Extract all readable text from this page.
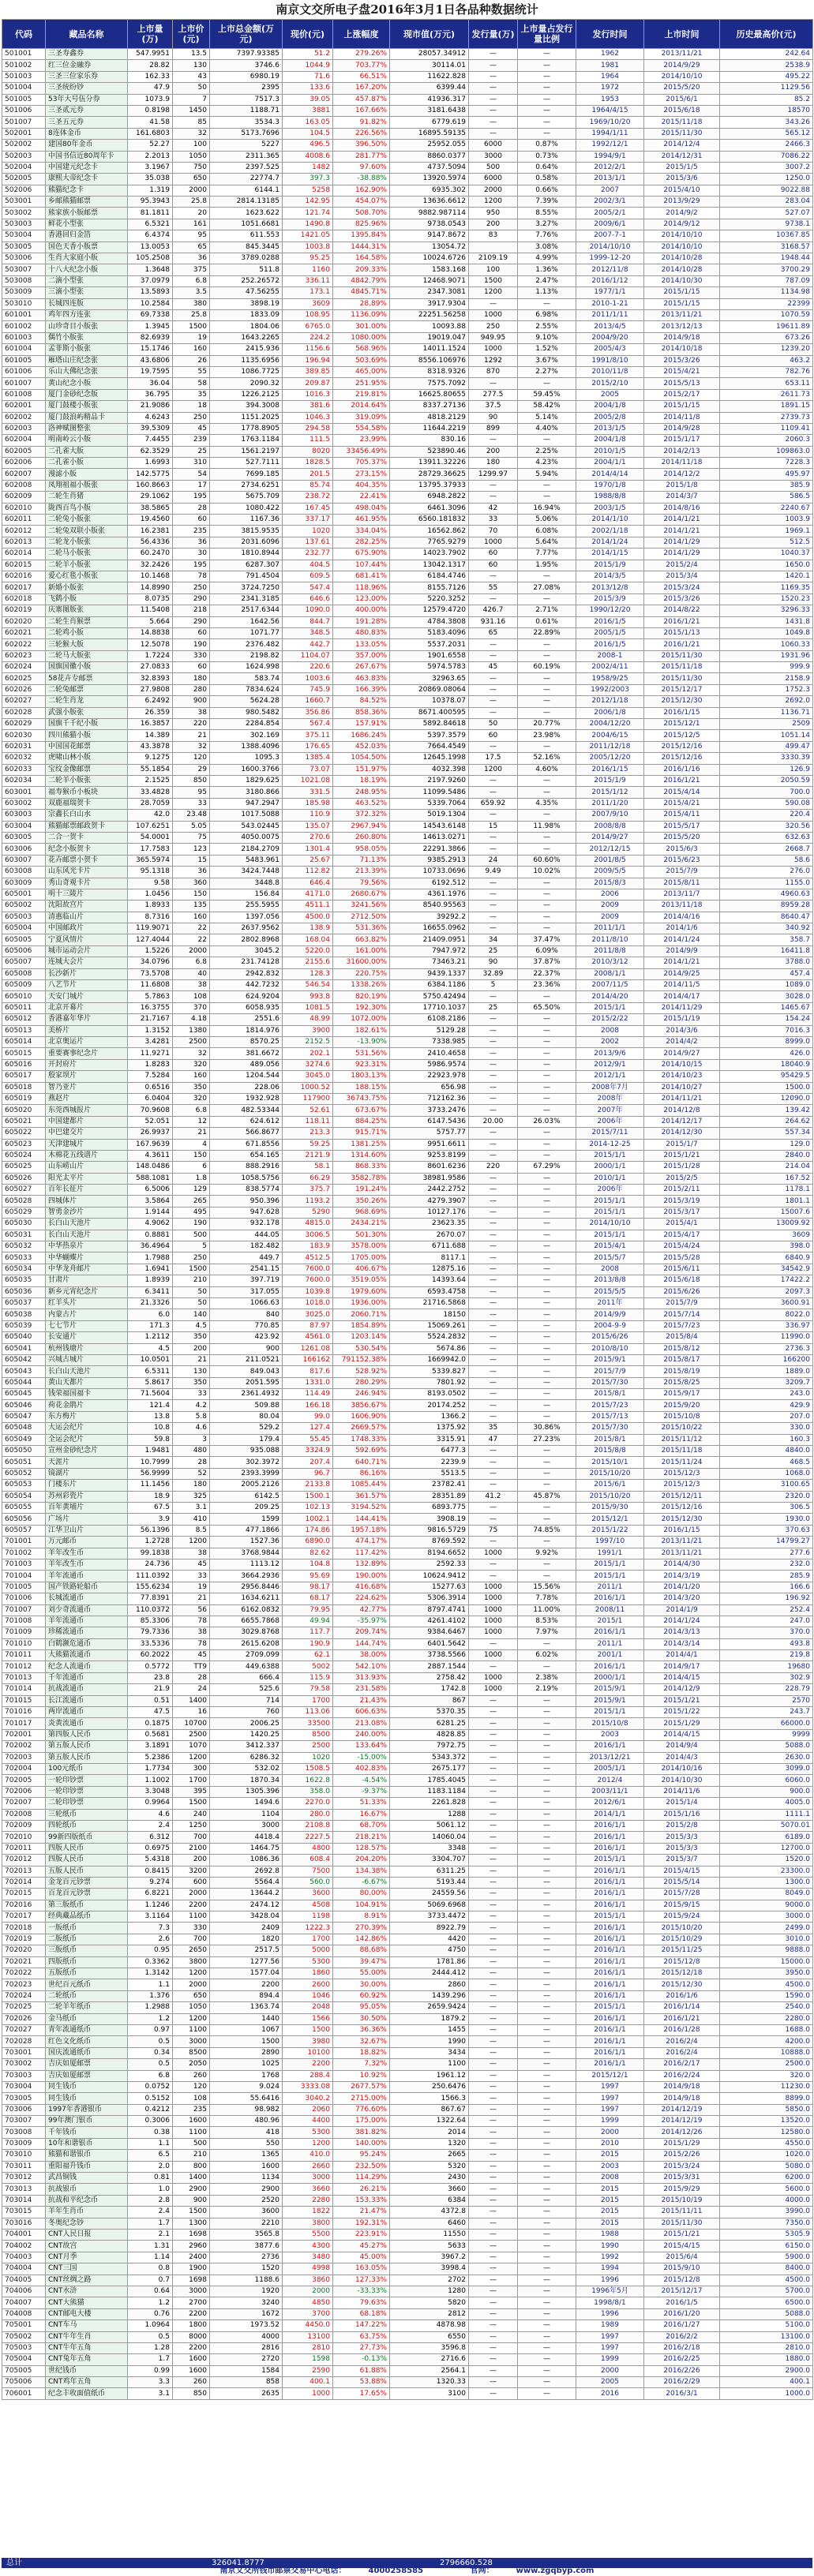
南京文交所电子盘2016年3月1日各品种数据统计
代码	藏品名称	上市量(万)	上市价(元)	上市总金额(万元)	现价(元)	上涨幅度	现市值(万元)	发行量(万)	上市量占发行量比例	发行时间	上市时间	历史最高价(元)
501001	三圣寿鑫券	547.9951	13.5	7397.93385	51.2	279.26%	28057.34912	—	—	1962	2013/11/21	242.64
501002	红三位金融券	28.82	130	3746.6	1044.9	703.77%	30114.01	—	—	1981	2014/9/29	2538.9
501003	三圣三位家乐券	162.33	43	6980.19	71.6	66.51%	11622.828	—	—	1964	2014/10/10	495.22
501004	三圣统纷钞	47.9	50	2395	133.6	167.20%	6399.44	—	—	1972	2015/5/20	1129.56
501005	53年大号伍分券	1073.9	7	7517.3	39.05	457.87%	41936.317	—	—	1953	2015/6/1	85.2
501006	三圣贰元券	0.8198	1450	1188.71	3881	167.66%	3181.6438	—	—	1964/4/15	2015/6/18	18570
501007	三圣五元券	41.58	85	3534.3	163.05	91.82%	6779.619	—	—	1969/10/20	2015/11/18	343.26
502001	8连体金币	161.6803	32	5173.7696	104.5	226.56%	16895.59135	—	—	1994/1/11	2015/11/30	565.12
502002	建国80年金币	52.27	100	5227	496.5	396.50%	25952.055	6000	0.87%	1992/12/1	2014/12/4	2466.3
502003	中国书信近80周年卡	2.2013	1050	2311.365	4008.6	281.77%	8860.0377	3000	0.73%	1994/9/1	2014/12/31	7086.22
502004	中国建元纪念卡	3.1967	750	2397.525	1482	97.60%	4737.5094	500	0.64%	2012/2/1	2015/1/5	3007.2
502005	康熙大帝纪念卡	35.038	650	22774.7	397.3	-38.88%	13920.5974	6000	0.58%	2013/1/1	2015/3/6	1250.0
502006	熊猫纪念卡	1.319	2000	6144.1	5258	162.90%	6935.302	2000	0.66%	2007	2015/4/10	9022.88
503001	乡邮熊猫邮票	95.3943	25.8	2814.13185	142.95	454.07%	13636.6612	1200	7.39%	2002/3/1	2013/9/29	283.04
503002	熊家族小版邮票	81.1811	20	1623.622	121.74	508.70%	9882.987114	950	8.55%	2005/2/1	2014/9/2	527.07
503003	鲜花小型张	6.5321	161	1051.6681	1490.8	825.96%	9738.0543	200	3.27%	2009/6/1	2014/9/12	9738.1
503004	香港回归金箔	6.4374	95	611.553	1421.05	1395.84%	9147.8672	83	7.76%	2007-7-1	2014/10/10	10367.85
503005	国色天香小版票	13.0053	65	845.3445	1003.8	1444.31%	13054.72		3.08%	2014/10/10	2014/10/10	3168.57
503006	生肖大家庭小版	105.2508	36	3789.0288	95.25	164.58%	10024.6726	2109.19	4.99%	1999-12-20	2014/10/28	1948.44
503007	十八大纪念小版	1.3648	375	511.8	1160	209.33%	1583.168	100	1.36%	2012/11/8	2014/10/28	3700.29
503008	二滴小型张	37.0979	6.8	252.26572	336.11	4842.79%	12468.9071	1500	2.47%	2016/1/12	2014/10/30	787.09
503009	三滴小型张	13.5893	3.5	47.56255	173.1	4845.71%	2347.3081	1200	1.13%	1977/1/1	2015/1/15	1134.98
503010	长城四连版	10.2584	380	3898.19	3609	28.89%	3917.9304	—	—	2010-1-21	2015/1/15	22399
601001	鸡年四方连张	69.7338	25.8	1833.09	108.95	1136.09%	22251.56258	1000	6.98%	2011/1/11	2013/11/21	1070.59
601002	山珍奇目小版张	1.3945	1500	1804.06	6765.0	301.00%	10093.88	250	2.55%	2013/4/5	2013/12/13	19611.89
601003	偶竹小版张	82.6939	19	1643.2265	224.2	1080.00%	19019.047	949.95	9.10%	2004/9/20	2014/9/18	673.26
601004	孟菲斯小版张	15.1746	160	2415.936	1156.6	568.96%	14011.1524	1000	1.52%	2005/4/3	2014/10/18	1239.20
601005	雁塔山庄纪念张	43.6806	26	1135.6956	196.94	503.69%	8556.106976	1292	3.67%	1991/8/10	2015/3/26	463.2
601006	乐山大佛纪念张	19.7595	55	1086.7725	389.85	465.00%	8318.9326	870	2.27%	2010/11/8	2015/4/21	782.76
601007	黄山纪念小版	36.04	58	2090.32	209.87	251.95%	7575.7092	—	—	2015/2/10	2015/5/13	653.11
601008	厦门金砂纪念版	36.795	35	1226.2125	1016.3	219.81%	16625.80655	277.5	59.45%	2005	2015/2/17	2611.73
602001	厦门鼓楼小版张	21.9086	18	394.3008	381.6	2014.64%	8337.27136	37.5	58.42%	2004/1/8	2015/1/15	1891.15
602002	厦门鼓浪屿精品卡	4.6243	250	1151.2025	1046.3	319.09%	4818.2129	90	5.14%	2005/2/8	2014/11/8	2739.73
602003	洛神赋图整张	39.5309	45	1778.8905	294.58	554.58%	11644.2219	899	4.40%	2013/1/5	2014/9/28	1109.41
602004	明南岭云小版	7.4455	239	1763.1184	111.5	23.99%	830.16	—	—	2004/1/8	2015/1/17	2060.3
602005	二孔雀大版	62.3529	25	1561.2197	8020	33456.49%	523890.46	200	2.25%	2010/1/5	2014/2/13	109863.0
602006	二孔雀小版	1.6993	310	527.7111	1828.5	705.37%	13911.32226	180	4.23%	2004/1/1	2014/11/18	7228.3
602007	漫滤小版	142.5775	54	7699.185	201.5	273.15%	28729.36625	1299.97	5.94%	2014/4/14	2014/12/2	495.97
602008	凤翔祖福小版张	160.8663	17	2734.6251	85.74	404.35%	13795.37933	—	—	1970/1/8	2015/1/8	385.9
602009	二轮生肖猪	29.1062	195	5675.709	238.72	22.41%	6948.2822	—	—	1988/8/8	2014/3/7	586.5
602010	陇西百鸟小版	38.5865	28	1080.422	167.45	498.04%	6461.3096	42	16.94%	2003/1/5	2014/8/16	2240.67
602011	二轮兔小版张	19.4560	60	1167.36	337.17	461.95%	6560.181832	33	5.06%	2014/1/10	2014/1/21	1003.9
602012	二轮兔双联小版张	16.2381	235	3815.9535	1020	334.04%	16562.862	70	6.08%	2002/1/18	2014/1/21	1969.1
602013	二轮龙小版张	56.4336	36	2031.6096	137.61	282.25%	7765.9279	1000	5.64%	2014/1/24	2014/1/29	512.5
602014	二轮马小版张	60.2470	30	1810.8944	232.77	675.90%	14023.7902	60	7.77%	2014/1/15	2014/1/29	1040.37
602015	二轮羊小版张	32.2426	195	6287.307	404.5	107.44%	13042.1317	60	1.95%	2015/1/9	2015/2/4	1650.0
602016	爱心红毯小版张	10.1468	78	791.4504	609.5	681.41%	6184.4746	—	—	2014/3/5	2015/3/4	1420.1
602017	新婚小版张	14.8990	250	3724.7250	547.4	118.96%	8155.7126	55	27.08%	2013/12/8	2015/3/24	1169.35
602018	飞鹤小版	8.0735	290	2341.3185	646.6	123.00%	5220.3252	—	—	2015/3/9	2015/3/26	1520.23
602019	庆寨图版张	11.5408	218	2517.6344	1090.0	400.00%	12579.4720	426.7	2.71%	1990/12/20	2014/8/22	3296.33
602020	二轮生肖猴票	5.664	290	1642.56	844.7	191.28%	4784.3808	931.16	0.61%	2016/1/5	2016/1/21	1431.8
602021	二轮鸡小版	14.8838	60	1071.77	348.5	480.83%	5183.4096	65	22.89%	2005/1/5	2015/1/13	1049.8
602022	三轮猴大版	12.5078	190	2376.482	442.7	133.05%	5537.2031	—	—	2016/1/5	2016/1/21	1060.33
602023	二轮马大版张	1.7224	330	2198.82	1104.07	357.00%	1901.6558	—	—	2008-1	2015/11/30	1931.96
602024	国旗国徽小版	27.0833	60	1624.998	220.6	267.67%	5974.5783	45	60.19%	2002/4/11	2015/11/18	999.9
602025	58花卉专邮票	32.8393	180	583.74	1003.6	463.83%	32963.65	—	—	1958/9/25	2015/11/30	2158.9
602026	二轮兔邮票	27.9808	280	7834.624	745.9	166.39%	20869.08064	—	—	1992/2003	2015/12/17	1752.3
602027	二轮生肖龙	6.2492	900	5624.28	1660.7	84.52%	10378.07	—	—	2012/1/18	2015/12/30	2692.0
602028	武强小版张	26.359	38	980.5482	356.86	858.36%	8671.400595	—	—	2006/1/8	2016/1/15	1136.71
602029	国旗千千纪小版	16.3857	220	2284.854	567.4	157.91%	5892.84618	50	20.77%	2004/12/20	2015/12/1	2509
602030	四川熊猫小版	14.389	21	302.169	375.11	1686.24%	5397.3579	60	23.98%	2004/6/15	2015/12/5	1051.14
602031	中国国花邮票	43.3878	32	1388.4096	176.65	452.03%	7664.4549	—	—	2011/12/18	2015/12/16	499.47
602032	虎啸山林小版	9.1275	120	1095.3	1385.4	1054.50%	12645.1998	17.5	52.16%	2005/12/20	2015/12/16	3330.39
602033	宝纹金像邮票	55.1854	29	1600.3766	73.07	151.97%	4032.398	1200	4.60%	2016/1/15	2016/1/16	126.9
602034	二轮羊小版张	2.1525	850	1829.625	1021.08	18.19%	2197.9260	—	—	2015/1/9	2016/1/21	2050.59
603001	福寿猴币小板块	33.4828	95	3180.866	331.5	248.95%	11099.5486	—	—	2015/1/12	2015/4/14	700.0
603002	双鹿福瑞贺卡	28.7059	33	947.2947	185.98	463.52%	5339.7064	659.92	4.35%	2011/1/20	2015/4/21	590.08
603003	宗鑫长白山水	42.0	23.48	1017.5088	110.9	372.32%	5019.1304	—	—	2007/9/10	2015/4/11	220.4
603004	熊猫邮票邮政贺卡	107.6251	5.05	543.02445	135.07	2967.94%	14543.6148	15	11.98%	2008/8/8	2015/5/17	320.56
603005	二合一贺卡	54.0001	75	4050.0075	270.6	260.80%	14613.0271	—	—	2014/9/27	2015/5/20	632.63
603006	纪念小版贺卡	17.7583	123	2184.2709	1301.4	958.05%	22291.3866	—	—	2012/12/15	2015/6/3	2668.7
603007	花卉邮票小贺卡	365.5974	15	5483.961	25.67	71.13%	9385.2913	24	60.60%	2001/8/5	2015/6/23	58.6
603008	山东风光卡片	95.1318	36	3424.7448	112.82	213.39%	10733.0696	9.49	10.02%	2009/5/5	2015/7/9	276.0
603009	秀山奇观卡片	9.58	360	3448.8	646.4	79.56%	6192.512	—	—	2015/8/3	2015/8/11	1155.0
605001	明十三陵片	1.0456	150	156.84	4171.0	2680.67%	4361.1976	—	—	2006	2013/11/7	4960.63
605002	沈阳故宫片	1.8933	135	255.5955	4511.1	3241.56%	8540.95563	—	—	2009	2013/11/18	8959.28
605003	清惠临山片	8.7316	160	1397.056	4500.0	2712.50%	39292.2	—	—	2009	2014/4/16	8640.47
605004	中国邮政片	119.9071	22	2637.9562	138.9	531.36%	16655.0962	—	—	2011/1/1	2014/1/6	340.92
605005	宁夏风情片	127.4044	22	2802.8968	168.04	663.82%	21409.0951	34	37.47%	2011/8/10	2014/1/24	358.7
605006	城市运动会片	1.5226	2000	3045.2	5220.0	161.00%	7947.972	25	6.09%	2011/8/8	2014/9/9	16411.8
605007	连城大会片	34.0796	6.8	231.74128	2155.6	31600.00%	73463.21	90	37.87%	2010/3/12	2014/1/21	3788.0
605008	长沙新片	73.5708	40	2942.832	128.3	220.75%	9439.1337	32.89	22.37%	2008/1/1	2014/9/25	457.4
605009	八艺节片	11.6808	38	442.7232	546.54	1338.26%	6384.1186	5	23.36%	2007/11/5	2014/11/5	1089.0
605010	天安门城片	5.7863	108	624.9204	993.8	820.19%	5750.42494	—	—	2014/4/20	2014/4/17	3028.0
605011	北京开幕片	16.3755	370	6058.935	1081.5	192.30%	17710.1037	25	65.50%	2015/1/1	2014/11/29	1465.67
605012	香港嘉年华片	21.7167	4.18	2551.6	48.99	1072.00%	6108.2186	—	—	2015/2/22	2015/1/19	154.24
605013	美桥片	1.3152	1380	1814.976	3900	182.61%	5129.28	—	—	2008	2014/3/6	7016.3
605014	北京奥运片	3.4281	2500	8570.25	2152.5	-13.90%	7338.985	—	—	2002	2014/4/2	8999.0
605015	重要赛事纪念片	11.9271	32	381.6672	202.1	531.56%	2410.4658	—	—	2013/9/6	2014/9/27	426.0
605016	开封府片	1.8283	320	489.056	3274.6	923.31%	5986.9574	—	—	2012/9/1	2014/10/15	18040.9
605017	殷家坝片	7.5284	160	1204.544	3045.0	1803.13%	22923.978	—	—	2012/1/1	2014/10/23	95429.5
605018	智乃亚片	0.6516	350	228.06	1000.52	188.15%	656.98	—	—	2008年7月	2014/10/27	1500.0
605019	燕赵片	6.0404	320	1932.928	117900	36743.75%	712162.36	—	—	2008年	2014/11/21	12090.0
605020	东莞西城报片	70.9608	6.8	482.53344	52.61	673.67%	3733.2476	—	—	2007年	2014/12/8	139.42
605021	中国建都片	52.051	12	624.612	118.11	884.25%	6147.5436	20.00	26.03%	2006年	2014/12/17	264.62
605022	中巴建交片	26.9937	21	566.8677	213.3	915.71%	5757.77	—	—	2015/7/11	2014/12/30	557.34
605023	天津建城片	167.9639	4	671.8556	59.25	1381.25%	9951.6611	—	—	2014-12-25	2015/1/7	129.0
605024	木棉花五线谱片	4.3611	150	654.165	2121.9	1314.60%	9253.8199	—	—	2015/1/1	2015/1/21	2840.0
605025	山东崂山片	148.0486	6	888.2916	58.1	868.33%	8601.6236	220	67.29%	2000/1/1	2015/1/28	214.04
605026	阳光太平片	588.1081	1.8	1058.5756	66.29	3582.78%	38981.9586	—	—	2010/1/1	2015/2/5	167.52
605027	百年长征片	6.5006	129	838.5774	375.7	191.24%	2442.2752	—	—	2006年	2015/2/11	1178.1
605028	四城体片	3.5864	265	950.396	1193.2	350.26%	4279.3907	—	—	2015/1/1	2015/3/19	1801.1
605029	智勇金沙片	1.9144	495	947.628	5290	968.69%	10127.176	—	—	2015/1/1	2015/3/17	15007.6
605030	长白山天池片	4.9062	190	932.178	4815.0	2434.21%	23623.35	—	—	2014/10/10	2015/4/1	13009.92
605031	长白山天池片	0.8881	500	444.05	3006.5	501.30%	2670.07	—	—	2015/1/1	2015/4/17	3609
605032	中华热泉片	36.4964	5	182.482	183.9	3578.00%	6711.688	—	—	2015/4/1	2015/4/24	398.0
605033	中华蝴蝶片	1.7988	250	449.7	4512.5	1705.00%	8117.1	—	—	2015/5/7	2015/5/28	6840.9
605034	中华龙舟邮片	1.6941	1500	2541.15	7600.0	406.67%	12875.16	—	—	2008	2015/6/11	34542.9
605035	甘肃片	1.8939	210	397.719	7600.0	3519.05%	14393.64	—	—	2013/8/8	2015/6/18	17422.2
605036	新乡元宵纪念片	6.3411	50	317.055	1039.8	1979.60%	6593.4758	—	—	2015/5/5	2015/6/26	2097.3
605037	红羊头片	21.3326	50	1066.63	1018.0	1936.00%	21716.5868	—	—	2011年	2015/7/9	3600.91
605038	内蒙古片	6.0	140	840	3025.0	2060.71%	18150	—	—	2014/9/9	2015/7/14	8022.0
605039	七七节片	171.3	4.5	770.85	87.97	1854.89%	15069.261	—	—	2004-9-9	2015/7/23	336.97
605040	长安通片	1.2112	350	423.92	4561.0	1203.14%	5524.2832	—	—	2015/6/26	2015/8/4	11990.0
605041	杭州钱塘片	4.5	200	900	1261.08	530.54%	5674.86	—	—	2010/8/10	2015/8/12	2736.3
605042	兴城古城片	10.0501	21	211.0521	166162	791152.38%	1669942.0	—	—	2015/9/1	2015/8/17	166200
605043	长白山天池片	6.5311	130	849.043	817.6	528.92%	5339.827	—	—	2015/7/9	2015/8/19	1889.0
605044	黄山天都片	5.8617	350	2051.595	1331.0	280.29%	7801.92	—	—	2015/7/30	2015/8/25	3209.7
605045	钱荣福国福卡	71.5604	33	2361.4932	114.49	246.94%	8193.0502	—	—	2015/8/1	2015/9/17	243.0
605046	荷花金鹃片	121.4	4.2	509.88	166.18	3856.67%	20174.252	—	—	2015/7/23	2015/9/20	429.9
605047	东方梅片	13.8	5.8	80.04	99.0	1606.90%	1366.2	—	—	2015/7/13	2015/10/8	207.0
605048	大运会纪片	10.8	4.6	529.2	127.4	2669.57%	1375.92	35	30.86%	2015/7/30	2015/10/22	330.0
605049	全运会纪片	59.8	3	179.4	55.45	1748.33%	3315.91	47	27.23%	2015/8/1	2015/11/12	160.3
605050	宣州金砂纪念片	1.9481	480	935.088	3324.9	592.69%	6477.3	—	—	2015/8/8	2015/11/18	4840.0
605051	天涯片	10.7999	28	302.3972	207.4	640.71%	2239.9	—	—	2015/10/1	2015/11/24	468.5
605052	镜湖片	56.9999	52	2393.3999	96.7	86.16%	5513.5	—	—	2015/10/20	2015/12/3	1068.0
605053	门楼东片	11.1456	180	2005.2126	2133.8	1085.44%	23782.41	—	—	2015/6/1	2015/12/3	3100.65
605054	苏州彩瓷片	18.9	325	6142.5	1500.1	361.57%	28351.89	41.2	45.87%	2015/10/20	2015/12/11	2320.0
605055	百年黄埔片	67.5	3.1	209.25	102.13	3194.52%	6893.775	—	—	2015/9/30	2015/12/16	306.5
605056	广场片	3.9	410	1599	1002.1	144.41%	3908.19	—	—	2015/12/1	2015/12/30	1930.0
605057	江华卫山片	56.1396	8.5	477.1866	174.86	1957.18%	9816.5729	75	74.85%	2015/1/22	2016/1/15	370.63
701001	万元邮币	1.2728	1200	1527.36	6890.0	474.17%	8769.592	—	—	1997/10	2013/11/21	14799.27
701002	羊年改生币	99.1838	38	3768.9844	82.62	117.42%	8194.6652	1000	9.92%	1991/1	2013/11/21	277.6
701003	羊年改生币	24.736	45	1113.12	104.8	132.89%	2592.33	—	—	2015/1/1	2014/4/30	232.0
701004	羊年流通币	111.0392	33	3664.2936	95.69	190.00%	10624.9412	—	—	2015/1/1	2014/3/19	285.9
701005	国产铁路轮船币	155.6234	19	2956.8446	98.17	416.68%	15277.63	1000	15.56%	2011/1	2014/1/20	166.6
701006	长城流通币	77.8391	21	1634.6211	68.17	224.62%	5306.3914	1000	7.78%	2016/1/1	2014/3/20	196.92
701007	刘少奇流通币	110.0372	56	6162.0832	79.95	42.77%	8797.4741	1000	11.00%	2008/11	2014/1/9	252.4
701008	羊年流通币	85.3306	78	6655.7868	49.94	-35.97%	4261.4102	1000	8.53%	2015/1	2014/1/24	247.0
701009	珍稀流通币	79.7336	38	3029.8768	117.7	209.74%	9384.6467	1000	7.97%	2016/1/1	2014/3/13	370.0
701010	白鹤濒危通币	33.5336	78	2615.6208	190.9	144.74%	6401.5642	—	—	2011/1	2014/3/14	493.8
701011	大熊猫流通币	60.2022	45	2709.099	62.1	38.00%	3738.5566	1000	6.02%	2001/1	2014/4/1	219.8
701012	纪念人流通币	0.5772	TT9	449.6388	5002	542.10%	2887.1544	—	—	2016/1/1	2014/9/17	19680
701013	千年流通币	23.8	28	666.4	115.9	313.93%	2758.42	1000	2.38%	2000/1/1	2014/4/15	302.9
701014	抗战流通币	21.9	24	525.6	79.58	231.58%	1742.8	1000	2.19%	2015/9/1	2014/12/9	228.79
701015	长江流通币	0.51	1400	714	1700	21.43%	867	—	—	2015/9/1	2015/1/21	2570
701016	两岸流通币	47.5	16	760	113.06	606.63%	5370.35	—	—	2015/1/1	2015/1/22	243.7
701017	炎黄流通币	0.1875	10700	2006.25	33500	213.08%	6281.25	—	—	2015/10/8	2015/1/29	66000.0
702001	第四版人民币	0.5681	2500	1420.25	8500	240.00%	4828.85	—	—	2003	2014/4/15	9999
702002	第五版人民币	3.1891	1070	3412.337	2500	133.64%	7972.75	—	—	2016/1/1	2014/9/4	5088.0
702003	第五版人民币	5.2386	1200	6286.32	1020	-15.00%	5343.372	—	—	2013/12/21	2014/4/3	2630.0
702004	100元纸币	1.7734	300	532.02	1508.5	402.83%	2675.177	—	—	2005/1/1	2014/10/16	3099.0
702005	一轮印钞票	1.1002	1700	1870.34	1622.8	-4.54%	1785.4045	—	—	2012/4	2014/10/30	6060.0
702006	一轮印钞票	3.3048	395	1305.396	358.0	-9.37%	1183.1184	—	—	2003/11/1	2014/11/6	900.0
702007	二轮印钞票	0.9964	1500	1494.6	2270.0	51.33%	2261.828	—	—	2012/6/1	2015/1/4	4005.0
702008	三轮纸币	4.6	240	1104	280.0	16.67%	1288	—	—	2014/1/1	2015/1/16	1111.1
702009	四轮纸币	2.4	1250	3000	2108.8	68.70%	5061.12	—	—	2016/1/1	2015/2/8	5070.01
702010	99新四版纸币	6.312	700	4418.4	2227.5	218.21%	14060.04	—	—	2016/1/1	2015/3/3	6189.0
702011	四版人民币	0.6975	2100	1464.75	4800	128.57%	3348	—	—	2016/1/1	2015/3/3	12700.0
702012	四版人民币	5.4318	200	1086.36	608.4	204.20%	3304.707	—	—	2015/1/1	2015/3/7	1520.0
702013	五版人民币	0.8415	3200	2692.8	7500	134.38%	6311.25	—	—	2016/1/1	2015/4/15	23300.0
702014	金龙百元钞票	9.274	600	5564.4	560.0	-6.67%	5193.44	—	—	2016/1/1	2015/5/14	1300.0
702015	百龙百元钞票	6.8221	2000	13644.2	3600	80.00%	24559.56	—	—	2016/1/1	2015/7/28	8049.0
702016	第三版纸币	1.1246	2200	2474.12	4508	104.91%	5069.6968	—	—	2016/1/1	2015/9/15	9000.0
702017	经典藏品纸币	3.1164	1100	3428.04	1198	8.91%	3733.4472	—	—	2015/1/1	2015/9/24	3000.0
702018	一版纸币	7.3	330	2409	1222.3	270.39%	8922.79	—	—	2016/1/1	2015/10/20	2499.0
702019	二版纸币	2.6	700	1820	1700	142.86%	4420	—	—	2016/1/1	2015/10/29	3010.0
702020	三版纸币	0.95	2650	2517.5	5000	88.68%	4750	—	—	2016/1/1	2015/11/25	9888.0
702021	四版纸币	0.3362	3800	1277.56	5300	39.47%	1781.86	—	—	2016/1/1	2015/12/8	15000.0
702022	五版纸币	1.3142	1200	1577.04	1860	55.00%	2444.412	—	—	2016/1/1	2015/12/18	3950.0
702023	世纪百元纸币	1.1	2000	2200	2600	30.00%	2860	—	—	2016/1/1	2015/12/30	4500.0
702024	二轮纸币	1.376	650	894.4	1046	60.92%	1439.296	—	—	2016/1/1	2016/1/6	1590.0
702025	二轮羊年纸币	1.2988	1050	1363.74	2048	95.05%	2659.9424	—	—	2015/1/1	2016/1/14	2540.0
702026	金马纸币	1.2	1200	1440	1566	30.50%	1879.2	—	—	2016/1/1	2016/1/21	2280.0
702027	青年流通纸币	0.97	1100	1067	1500	36.36%	1455	—	—	2016/1/1	2016/1/28	1688.0
702028	红色文化纸币	0.5	3000	1500	3980	32.67%	1990	—	—	2016/1/1	2016/2/4	4200.0
703001	国庆流通纸币	0.34	8500	2890	10100	18.82%	3434	—	—	2016/1/1	2016/2/4	10888.0
703002	吉庆如厦邮票	0.5	2050	1025	2200	7.32%	1100	—	—	2016/1/1	2016/2/17	2500.0
703003	吉庆如厦邮票	6.8	260	1768	288.4	10.92%	1961.12	—	—	2015/12/1	2016/2/24	320.0
703004	同生钱币	0.0752	120	9.024	3333.08	2677.57%	250.6476	—	—	1997	2014/9/18	11230.0
703005	同生钱币	0.5152	108	55.6416	3040.2	2715.00%	1566.3	—	—	1997	2014/9/18	8899.0
703006	1997年香港银币	0.4212	235	98.982	2060	776.60%	867.67	—	—	1997	2014/12/19	5850.0
703007	99年澳门银币	0.3006	1600	480.96	4400	175.00%	1322.64	—	—	1999	2014/12/19	13520.0
703008	千年钱币	0.38	1100	418	5300	381.82%	2014	—	—	2000	2014/12/26	12580.0
703009	10年和谐银币	1.1	500	550	1200	140.00%	1320	—	—	2010	2015/1/29	4550.0
703010	熊猫和谐银币	6.5	210	1365	410.0	95.24%	2665	—	—	2015	2015/2/26	1020.0
703011	重阳福升钱币	2.0	800	1600	2660	232.50%	5320	—	—	2003	2015/3/24	5080.0
703012	武昌铜钱	0.81	1400	1134	3000	114.29%	2430	—	—	2008	2015/3/31	6200.0
703013	抗战银币	1.0	2900	2900	3660	26.21%	3660	—	—	2015	2015/9/29	5600.0
703014	抗战和平纪念币	2.8	900	2520	2280	153.33%	6384	—	—	2015	2015/10/19	4000.0
703015	羊年生肖币	2.4	1500	3600	1822	21.47%	4372.8	—	—	2015	2015/11/11	3990.0
703016	冬奥纪念钞	1.7	1300	2210	3800	192.31%	6460	—	—	2015	2015/11/30	7350.0
704001	CNT人民日报	2.1	1698	3565.8	5500	223.91%	11550	—	—	1988	2015/1/21	5305.9
704002	CNT故宫	1.31	2960	3877.6	4300	45.27%	5633	—	—	1990	2015/4/15	6150.0
704003	CNT月季	1.14	2400	2736	3480	45.00%	3967.2	—	—	1992	2015/6/4	5900.0
704004	CNT三国	0.8	1900	1520	4998	163.05%	3998.4	—	—	1994	2015/9/10	8400.0
704005	CNT丝绸之路	0.7	1698	1188.6	3860	127.33%	2702	—	—	1996	2015/12/8	4500.0
704006	CNT水浒	0.64	3000	1920	2000	-33.33%	1280	—	—	1996年5月	2015/12/17	5700.0
704007	CNT大熊猫	1.2	2700	3240	4850	79.63%	5820	—	—	1998/8/1	2016/1/5	6500.0
704008	CNT邮电大楼	0.76	2200	1672	3700	68.18%	2812	—	—	1996	2016/1/20	5088.0
705001	CNT车马	1.0964	1800	1973.52	4450.0	147.22%	4878.98	—	—	1989	2016/1/27	5100.0
705002	CNT牛年生肖	0.5	8000	4000	13100	63.75%	6550	—	—	1997	2016/2/2	13100.0
705003	CNT牛年五角	1.28	2200	2816	2810	27.73%	3596.8	—	—	1997	2016/2/18	2810.0
705004	CNT兔年五角	1.7	1600	2720	1598	-0.13%	2716.6	—	—	1999	2016/2/25	1880.0
705005	世纪钱币	0.99	1600	1584	2590	61.88%	2564.1	—	—	2000	2016/2/26	2900.0
705006	CNT鸡年五角	3.3	260	858	400.1	53.88%	1320.33	—	—	2005	2016/2/29	400.1
706001	纪念丰收面值纸币	3.1	850	2635	1000	17.65%	3100	—	—	2016	2016/3/1	1000.0
总计	326041.8777	2796660.528
南京文交所钱币邮票交易中心电话：	4000258585	官网：	www.zgqbyp.com
